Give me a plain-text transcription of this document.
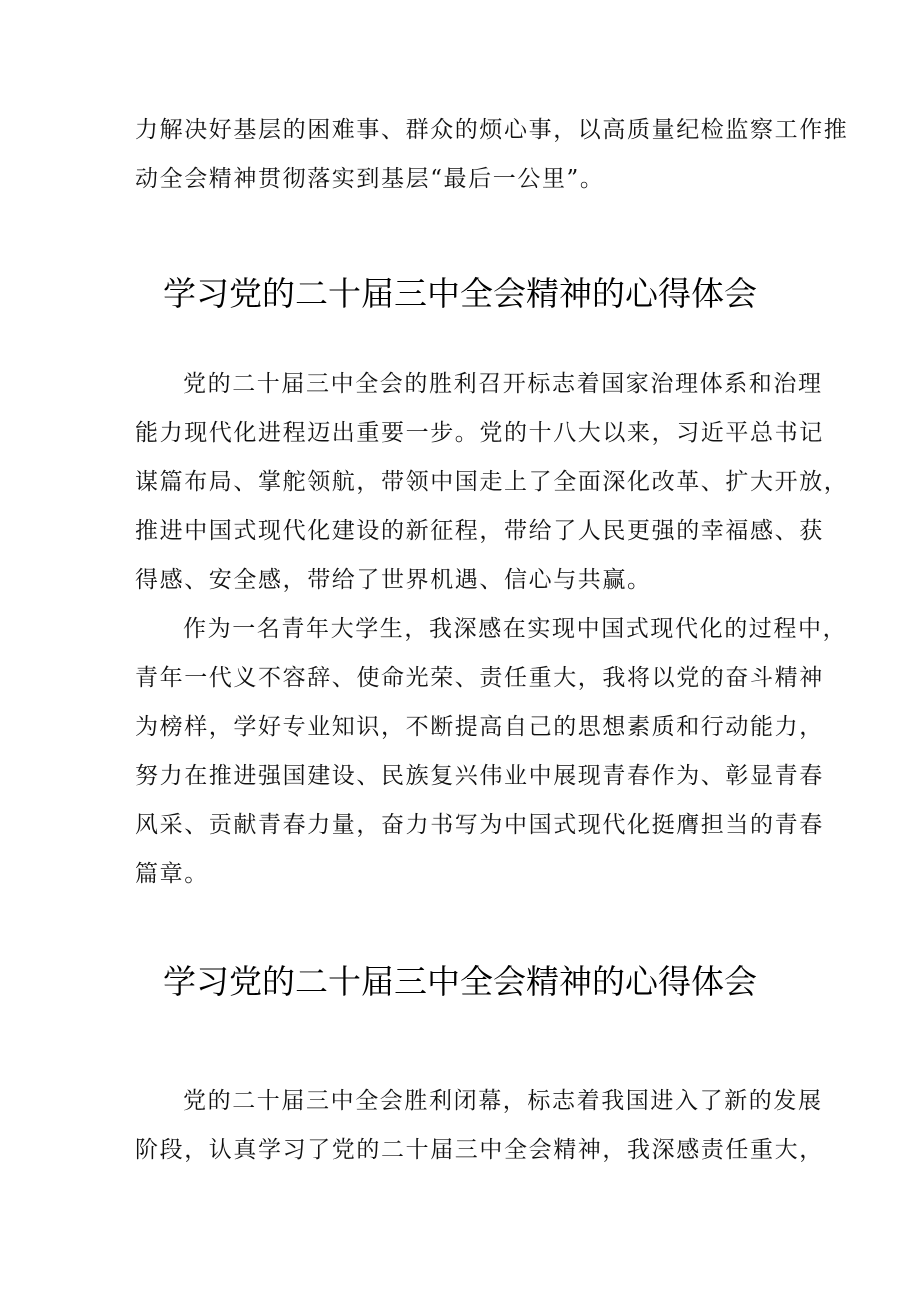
力解决好基层的困难事、群众的烦心事，以高质量纪检监察工作推
动全会精神贯彻落实到基层“最后一公里”。

学习党的二十届三中全会精神的心得体会

党的二十届三中全会的胜利召开标志着国家治理体系和治理
能力现代化进程迈出重要一步。党的十八大以来，习近平总书记
谋篇布局、掌舵领航，带领中国走上了全面深化改革、扩大开放，
推进中国式现代化建设的新征程，带给了人民更强的幸福感、获
得感、安全感，带给了世界机遇、信心与共赢。

作为一名青年大学生，我深感在实现中国式现代化的过程中，
青年一代义不容辞、使命光荣、责任重大，我将以党的奋斗精神
为榜样，学好专业知识，不断提高自己的思想素质和行动能力，
努力在推进强国建设、民族复兴伟业中展现青春作为、彰显青春
风采、贡献青春力量，奋力书写为中国式现代化挺膺担当的青春
篇章。

学习党的二十届三中全会精神的心得体会

党的二十届三中全会胜利闭幕，标志着我国进入了新的发展
阶段，认真学习了党的二十届三中全会精神，我深感责任重大，
